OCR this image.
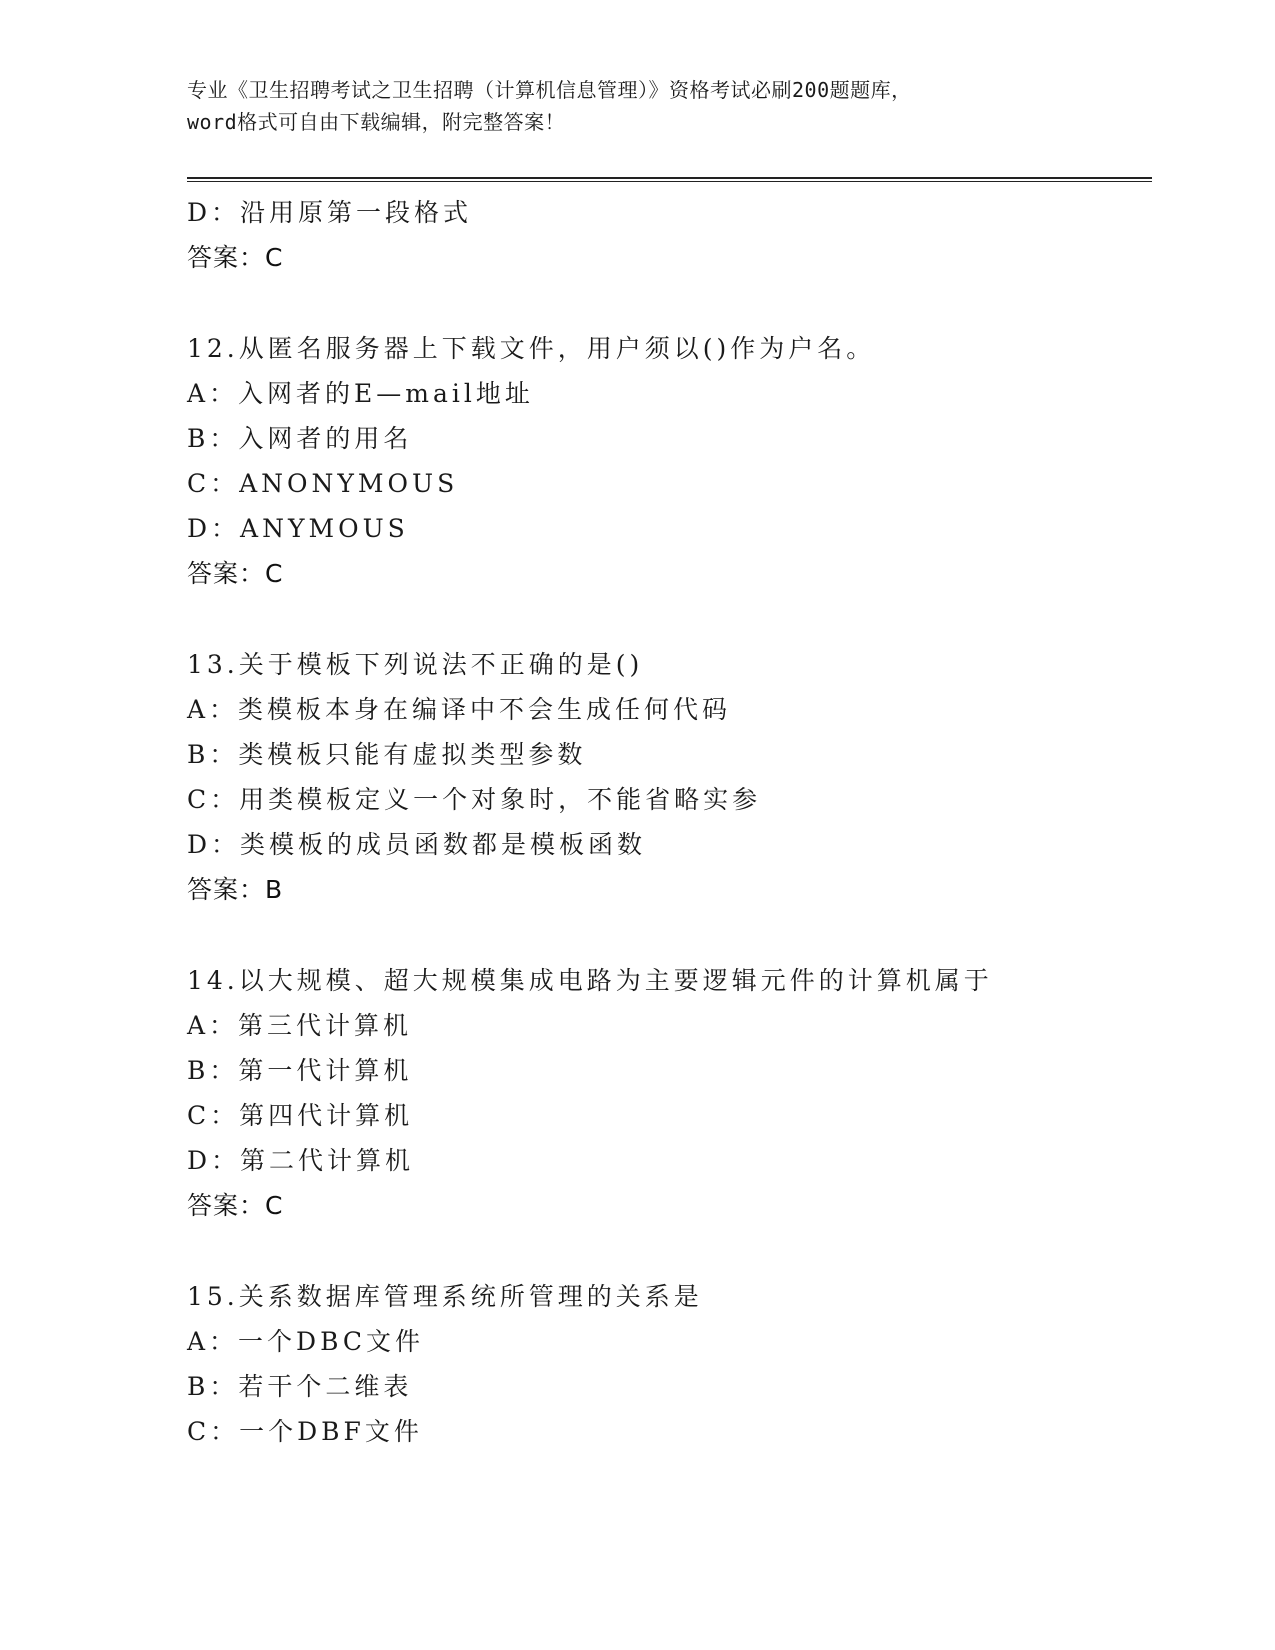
专业《卫生招聘考试之卫生招聘（计算机信息管理）》资格考试必刷200题题库，
word格式可自由下载编辑，附完整答案！
D：沿用原第一段格式
答案：C
12.从匿名服务器上下载文件，用户须以()作为户名。
A：入网者的E—mail地址
B：入网者的用名
C：ANONYMOUS
D：ANYMOUS
答案：C
13.关于模板下列说法不正确的是()
A：类模板本身在编译中不会生成任何代码
B：类模板只能有虚拟类型参数
C：用类模板定义一个对象时，不能省略实参
D：类模板的成员函数都是模板函数
答案：B
14.以大规模、超大规模集成电路为主要逻辑元件的计算机属于
A：第三代计算机
B：第一代计算机
C：第四代计算机
D：第二代计算机
答案：C
15.关系数据库管理系统所管理的关系是
A：一个DBC文件
B：若干个二维表
C：一个DBF文件
